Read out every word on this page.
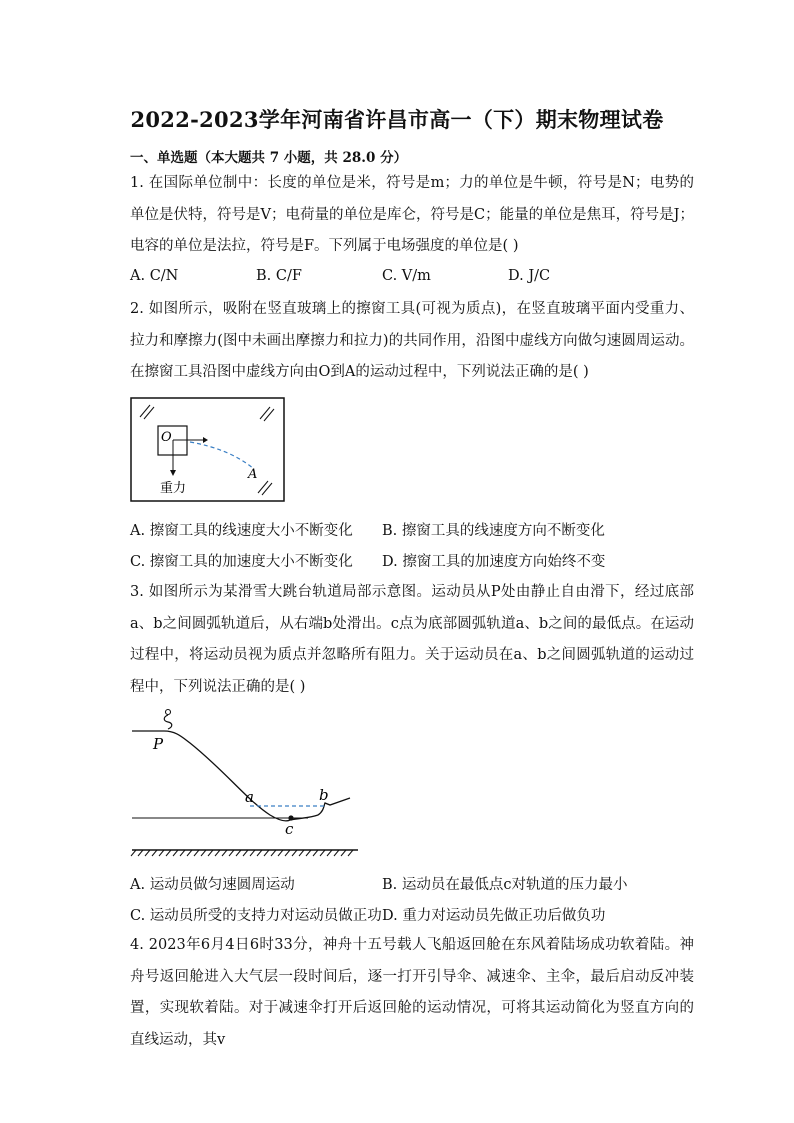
2022-2023学年河南省许昌市高一（下）期末物理试卷
一、单选题（本大题共 7 小题，共 28.0 分）
1. 在国际单位制中：长度的单位是米，符号是m；力的单位是牛顿，符号是N；电势的单位是伏特，符号是V；电荷量的单位是库仑，符号是C；能量的单位是焦耳，符号是J；电容的单位是法拉，符号是F。下列属于电场强度的单位是( )
A. C/N	B. C/F	C. V/m	D. J/C
2. 如图所示，吸附在竖直玻璃上的擦窗工具(可视为质点)，在竖直玻璃平面内受重力、拉力和摩擦力(图中未画出摩擦力和拉力)的共同作用，沿图中虚线方向做匀速圆周运动。在擦窗工具沿图中虚线方向由O到A的运动过程中，下列说法正确的是( )
O
A
重力
A. 擦窗工具的线速度大小不断变化 B. 擦窗工具的线速度方向不断变化
C. 擦窗工具的加速度大小不断变化 D. 擦窗工具的加速度方向始终不变
3. 如图所示为某滑雪大跳台轨道局部示意图。运动员从P处由静止自由滑下，经过底部a、b之间圆弧轨道后，从右端b处滑出。c点为底部圆弧轨道a、b之间的最低点。在运动过程中，将运动员视为质点并忽略所有阻力。关于运动员在a、b之间圆弧轨道的运动过程中，下列说法正确的是( )
P
a	b
c
A. 运动员做匀速圆周运动	B. 运动员在最低点c对轨道的压力最小
C. 运动员所受的支持力对运动员做正功 D. 重力对运动员先做正功后做负功
4. 2023年6月4日6时33分，神舟十五号载人飞船返回舱在东风着陆场成功软着陆。神舟号返回舱进入大气层一段时间后，逐一打开引导伞、减速伞、主伞，最后启动反冲装置，实现软着陆。对于减速伞打开后返回舱的运动情况，可将其运动简化为竖直方向的直线运动，其v
